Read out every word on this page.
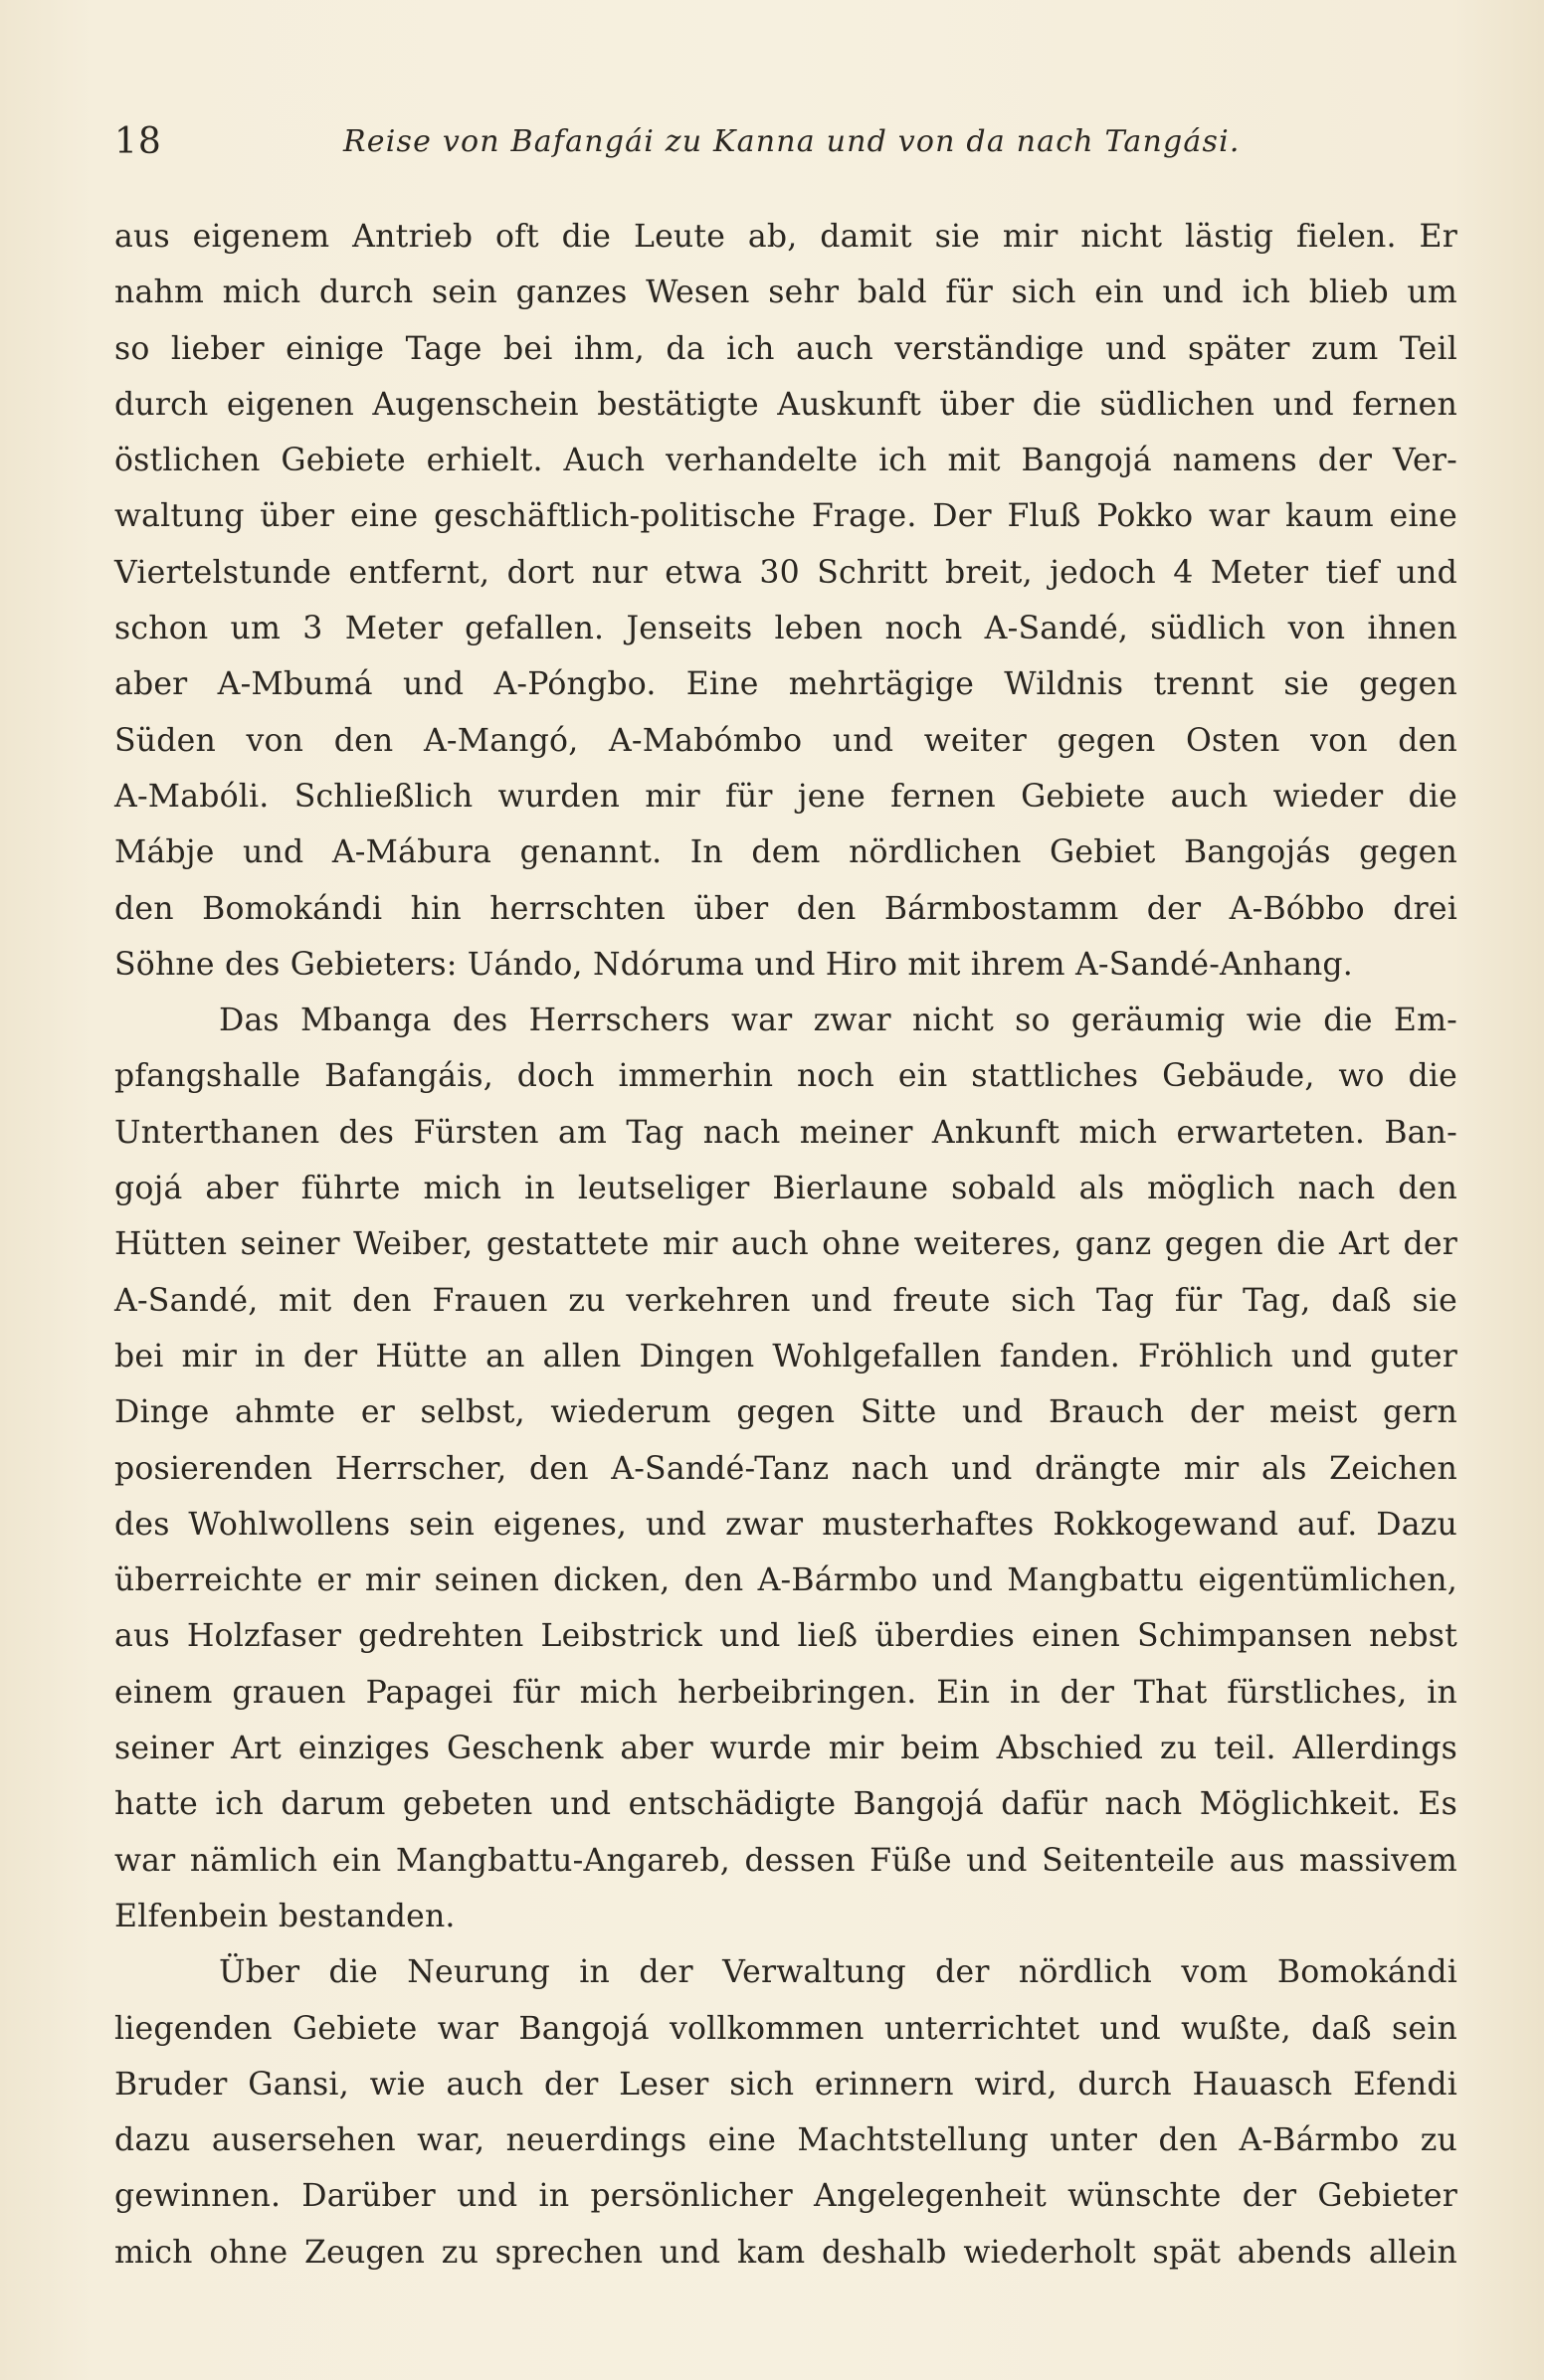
18	Reise von Bafangái zu Kanna und von da nach Tangási.
aus eigenem Antrieb oft die Leute ab, damit sie mir nicht lästig fielen. Er
nahm mich durch sein ganzes Wesen sehr bald für sich ein und ich blieb um
so lieber einige Tage bei ihm, da ich auch verständige und später zum Teil
durch eigenen Augenschein bestätigte Auskunft über die südlichen und fernen
östlichen Gebiete erhielt. Auch verhandelte ich mit Bangojá namens der Ver-
waltung über eine geschäftlich-politische Frage. Der Fluß Pokko war kaum eine
Viertelstunde entfernt, dort nur etwa 30 Schritt breit, jedoch 4 Meter tief und
schon um 3 Meter gefallen. Jenseits leben noch A-Sandé, südlich von ihnen
aber A-Mbumá und A-Póngbo. Eine mehrtägige Wildnis trennt sie gegen
Süden von den A-Mangó, A-Mabómbo und weiter gegen Osten von den
A-Mabóli. Schließlich wurden mir für jene fernen Gebiete auch wieder die
Mábje und A-Mábura genannt. In dem nördlichen Gebiet Bangojás gegen
den Bomokándi hin herrschten über den Bármbostamm der A-Bóbbo drei
Söhne des Gebieters: Uándo, Ndóruma und Hiro mit ihrem A-Sandé-Anhang.
Das Mbanga des Herrschers war zwar nicht so geräumig wie die Em-
pfangshalle Bafangáis, doch immerhin noch ein stattliches Gebäude, wo die
Unterthanen des Fürsten am Tag nach meiner Ankunft mich erwarteten. Ban-
gojá aber führte mich in leutseliger Bierlaune sobald als möglich nach den
Hütten seiner Weiber, gestattete mir auch ohne weiteres, ganz gegen die Art der
A-Sandé, mit den Frauen zu verkehren und freute sich Tag für Tag, daß sie
bei mir in der Hütte an allen Dingen Wohlgefallen fanden. Fröhlich und guter
Dinge ahmte er selbst, wiederum gegen Sitte und Brauch der meist gern
posierenden Herrscher, den A-Sandé-Tanz nach und drängte mir als Zeichen
des Wohlwollens sein eigenes, und zwar musterhaftes Rokkogewand auf. Dazu
überreichte er mir seinen dicken, den A-Bármbo und Mangbattu eigentümlichen,
aus Holzfaser gedrehten Leibstrick und ließ überdies einen Schimpansen nebst
einem grauen Papagei für mich herbeibringen. Ein in der That fürstliches, in
seiner Art einziges Geschenk aber wurde mir beim Abschied zu teil. Allerdings
hatte ich darum gebeten und entschädigte Bangojá dafür nach Möglichkeit. Es
war nämlich ein Mangbattu-Angareb, dessen Füße und Seitenteile aus massivem
Elfenbein bestanden.
Über die Neurung in der Verwaltung der nördlich vom Bomokándi
liegenden Gebiete war Bangojá vollkommen unterrichtet und wußte, daß sein
Bruder Gansi, wie auch der Leser sich erinnern wird, durch Hauasch Efendi
dazu ausersehen war, neuerdings eine Machtstellung unter den A-Bármbo zu
gewinnen. Darüber und in persönlicher Angelegenheit wünschte der Gebieter
mich ohne Zeugen zu sprechen und kam deshalb wiederholt spät abends allein
